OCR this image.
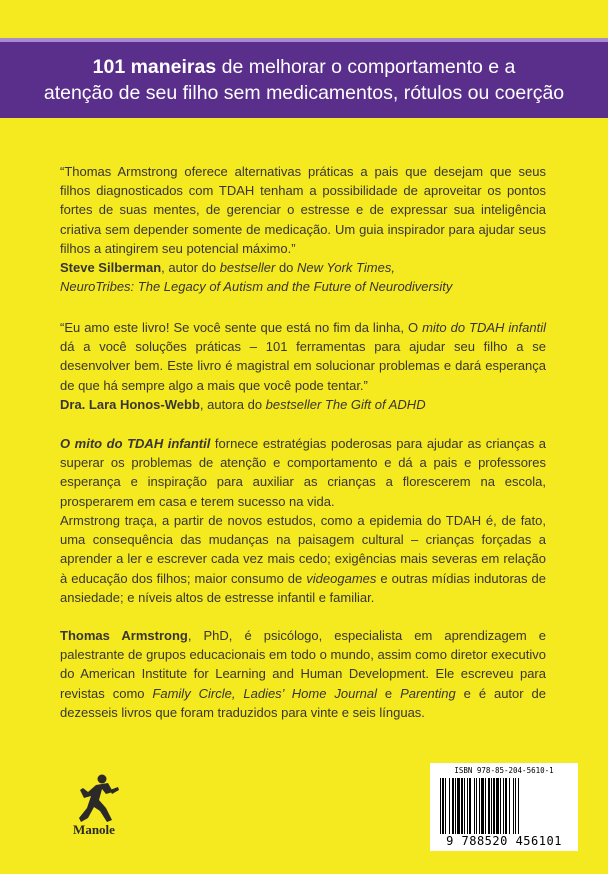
101 maneiras de melhorar o comportamento e a
atenção de seu filho sem medicamentos, rótulos ou coerção

“Thomas Armstrong oferece alternativas práticas a pais que desejam que seus filhos diagnosticados com TDAH tenham a possibilidade de aproveitar os pontos fortes de suas mentes, de gerenciar o estresse e de expressar sua inteligência criativa sem depender somente de medicação. Um guia inspirador para ajudar seus filhos a atingirem seu potencial máximo.”

Steve Silberman, autor do bestseller do New York Times,

NeuroTribes: The Legacy of Autism and the Future of Neurodiversity

“Eu amo este livro! Se você sente que está no fim da linha, O mito do TDAH infantil dá a você soluções práticas – 101 ferramentas para ajudar seu filho a se desenvolver bem. Este livro é magistral em solucionar problemas e dará esperança de que há sempre algo a mais que você pode tentar.”

Dra. Lara Honos-Webb, autora do bestseller The Gift of ADHD

O mito do TDAH infantil fornece estratégias poderosas para ajudar as crianças a superar os problemas de atenção e comportamento e dá a pais e professores esperança e inspiração para auxiliar as crianças a florescerem na escola, prosperarem em casa e terem sucesso na vida.

Armstrong traça, a partir de novos estudos, como a epidemia do TDAH é, de fato, uma consequência das mudanças na paisagem cultural – crianças forçadas a aprender a ler e escrever cada vez mais cedo; exigências mais severas em relação à educação dos filhos; maior consumo de videogames e outras mídias indutoras de ansiedade; e níveis altos de estresse infantil e familiar.

Thomas Armstrong, PhD, é psicólogo, especialista em aprendizagem e palestrante de grupos educacionais em todo o mundo, assim como diretor executivo do American Institute for Learning and Human Development. Ele escreveu para revistas como Family Circle, Ladies’ Home Journal e Parenting e é autor de dezesseis livros que foram traduzidos para vinte e seis línguas.

Manole
ISBN 978-85-204-5610-1
9 788520 456101
